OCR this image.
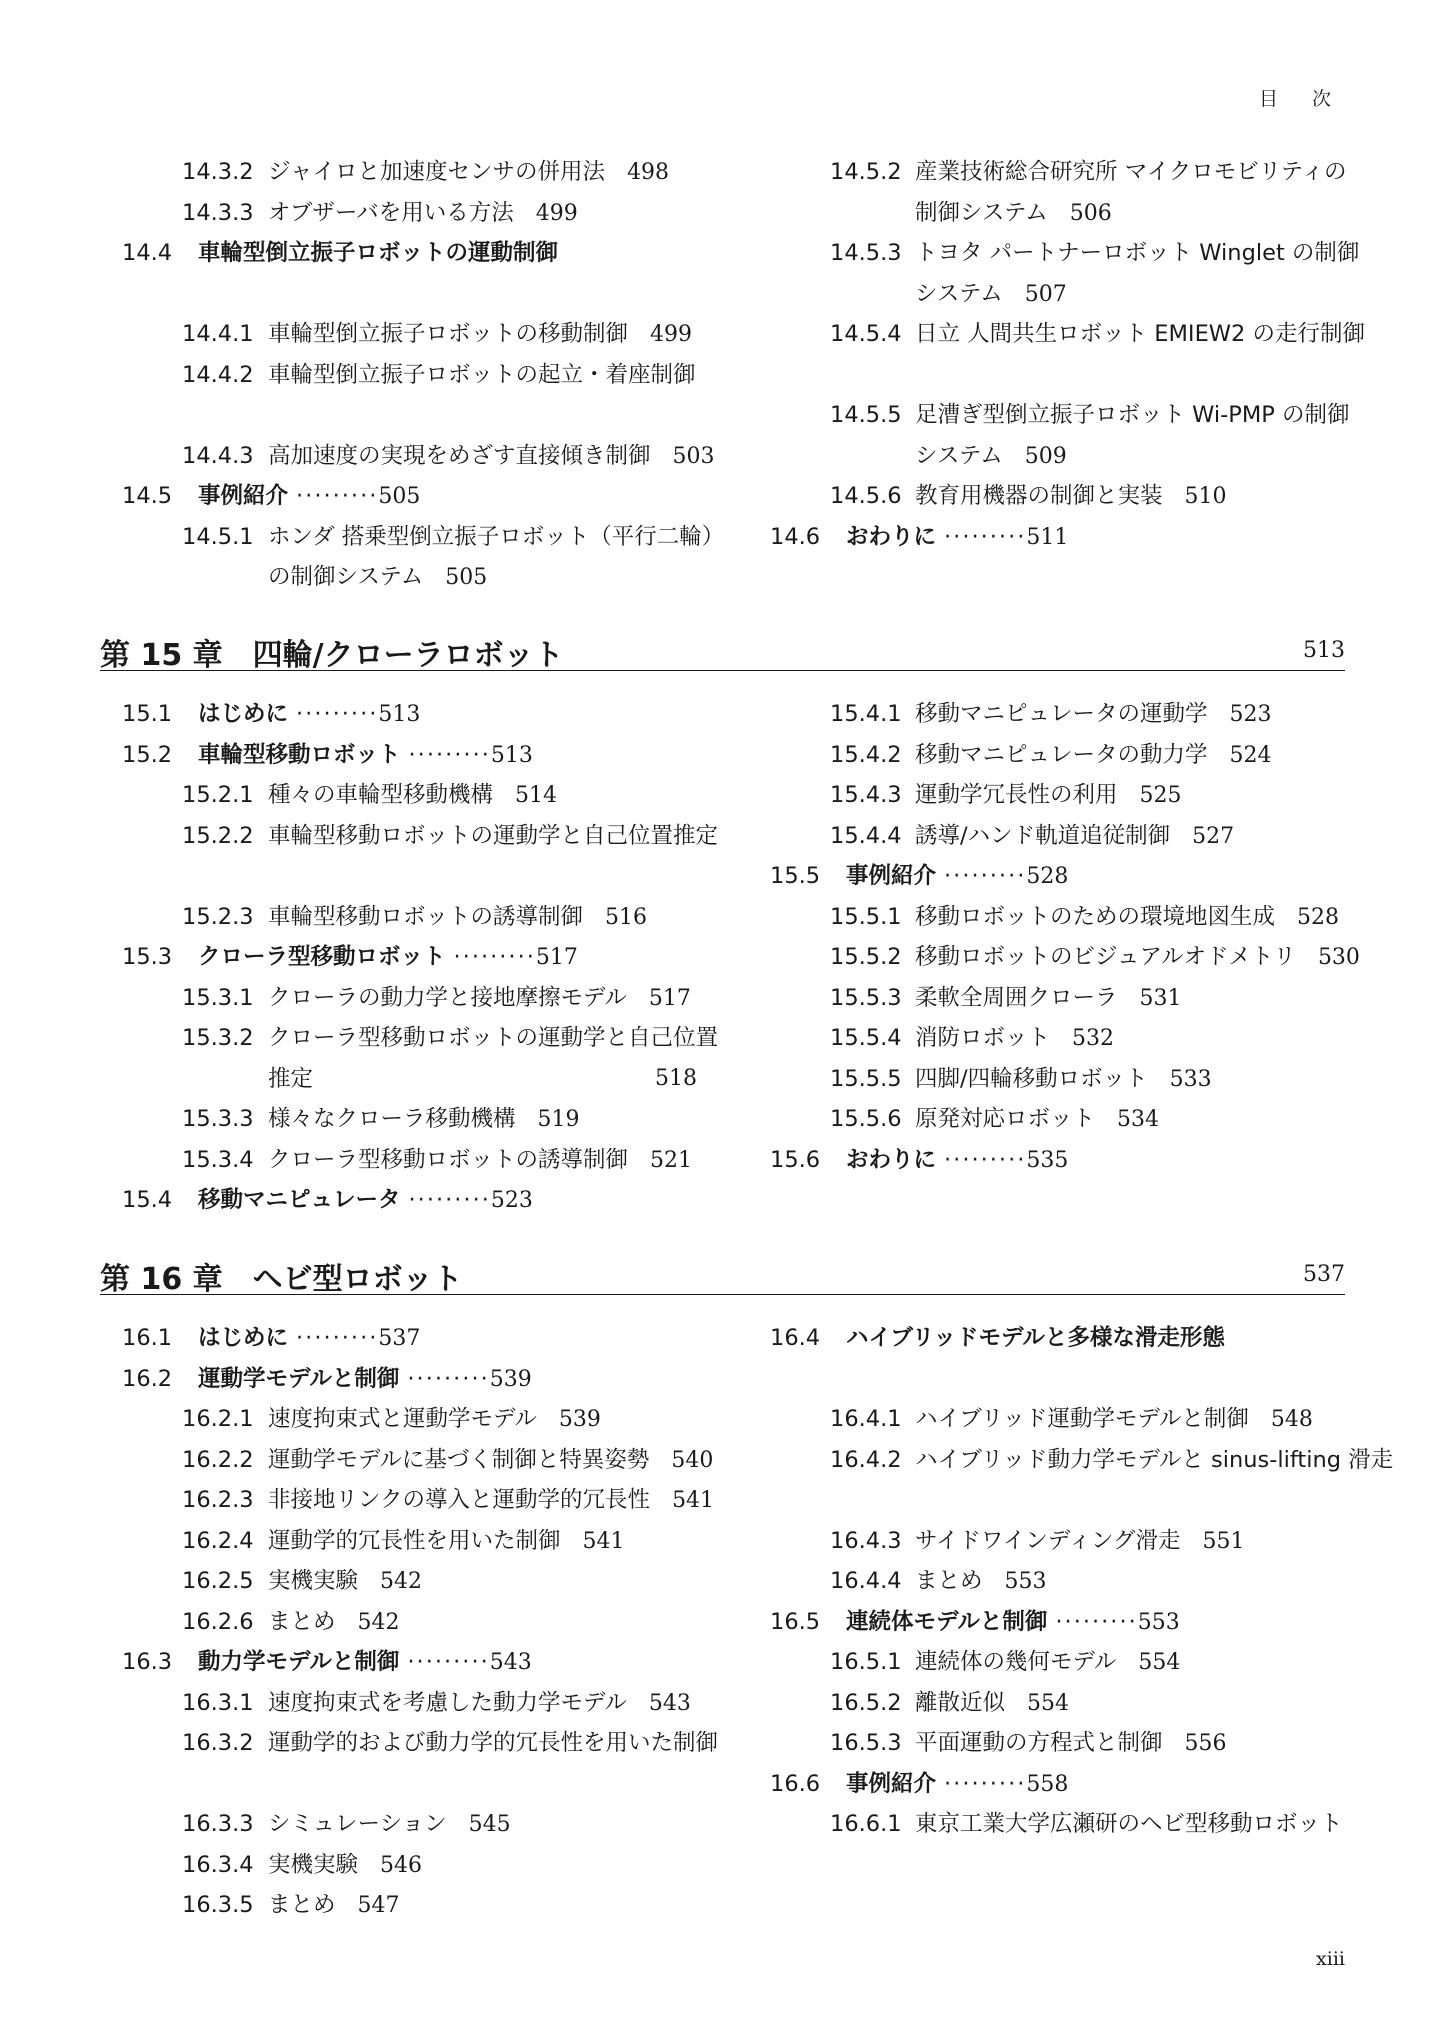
目 次
14.3.2 ジャイロと加速度センサの併用法 498
14.3.3 オブザーバを用いる方法 499
14.4 車輪型倒立振子ロボットの運動制御
14.4.1 車輪型倒立振子ロボットの移動制御 499
14.4.2 車輪型倒立振子ロボットの起立・着座制御
14.4.3 高加速度の実現をめざす直接傾き制御 503
14.5 事例紹介 ·········505
14.5.1 ホンダ 搭乗型倒立振子ロボット（平行二輪）
の制御システム 505
14.5.2 産業技術総合研究所 マイクロモビリティの
制御システム 506
14.5.3 トヨタ パートナーロボット Winglet の制御
システム 507
14.5.4 日立 人間共生ロボット EMIEW2 の走行制御
14.5.5 足漕ぎ型倒立振子ロボット Wi-PMP の制御
システム 509
14.5.6 教育用機器の制御と実装 510
14.6 おわりに ·········511
第 15 章 四輪/クローラロボット	513
15.1 はじめに ·········513
15.2 車輪型移動ロボット ·········513
15.2.1 種々の車輪型移動機構 514
15.2.2 車輪型移動ロボットの運動学と自己位置推定
15.2.3 車輪型移動ロボットの誘導制御 516
15.3 クローラ型移動ロボット ·········517
15.3.1 クローラの動力学と接地摩擦モデル 517
15.3.2 クローラ型移動ロボットの運動学と自己位置
推定	518
15.3.3 様々なクローラ移動機構 519
15.3.4 クローラ型移動ロボットの誘導制御 521
15.4 移動マニピュレータ ·········523
15.4.1 移動マニピュレータの運動学 523
15.4.2 移動マニピュレータの動力学 524
15.4.3 運動学冗長性の利用 525
15.4.4 誘導/ハンド軌道追従制御 527
15.5 事例紹介 ·········528
15.5.1 移動ロボットのための環境地図生成 528
15.5.2 移動ロボットのビジュアルオドメトリ 530
15.5.3 柔軟全周囲クローラ 531
15.5.4 消防ロボット 532
15.5.5 四脚/四輪移動ロボット 533
15.5.6 原発対応ロボット 534
15.6 おわりに ·········535
第 16 章 ヘビ型ロボット	537
16.1 はじめに ·········537
16.2 運動学モデルと制御 ·········539
16.2.1 速度拘束式と運動学モデル 539
16.2.2 運動学モデルに基づく制御と特異姿勢 540
16.2.3 非接地リンクの導入と運動学的冗長性 541
16.2.4 運動学的冗長性を用いた制御 541
16.2.5 実機実験 542
16.2.6 まとめ 542
16.3 動力学モデルと制御 ·········543
16.3.1 速度拘束式を考慮した動力学モデル 543
16.3.2 運動学的および動力学的冗長性を用いた制御
16.3.3 シミュレーション 545
16.3.4 実機実験 546
16.3.5 まとめ 547
16.4 ハイブリッドモデルと多様な滑走形態
16.4.1 ハイブリッド運動学モデルと制御 548
16.4.2 ハイブリッド動力学モデルと sinus-lifting 滑走
16.4.3 サイドワインディング滑走 551
16.4.4 まとめ 553
16.5 連続体モデルと制御 ·········553
16.5.1 連続体の幾何モデル 554
16.5.2 離散近似 554
16.5.3 平面運動の方程式と制御 556
16.6 事例紹介 ·········558
16.6.1 東京工業大学広瀬研のヘビ型移動ロボット
xiii
